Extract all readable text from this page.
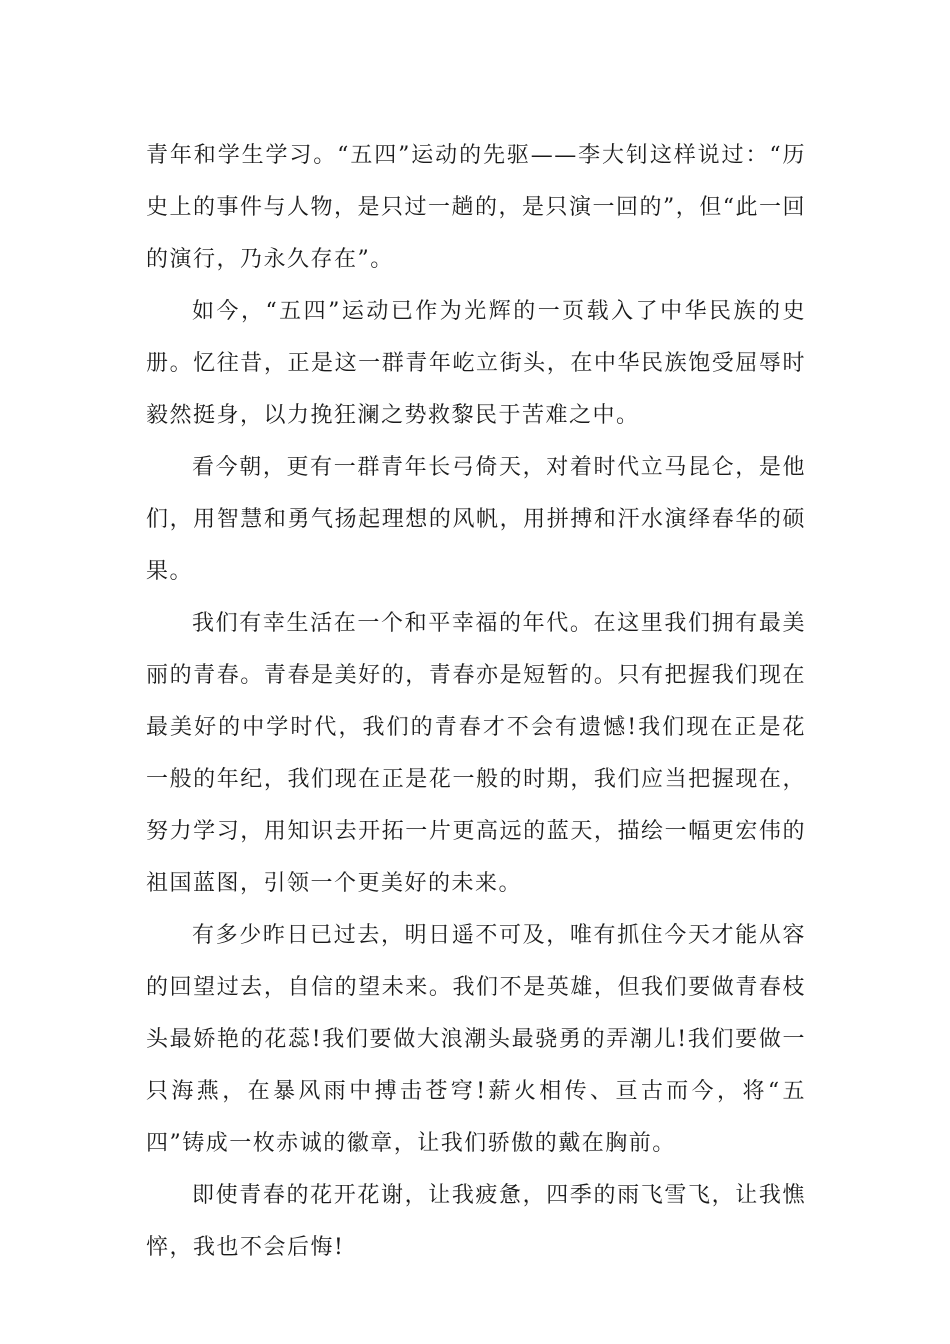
青年和学生学习。“五四”运动的先驱——李大钊这样说过：“历史上的事件与人物，是只过一趟的，是只演一回的”，但“此一回的演行，乃永久存在”。

如今，“五四”运动已作为光辉的一页载入了中华民族的史册。忆往昔，正是这一群青年屹立街头，在中华民族饱受屈辱时毅然挺身，以力挽狂澜之势救黎民于苦难之中。

看今朝，更有一群青年长弓倚天，对着时代立马昆仑，是他们，用智慧和勇气扬起理想的风帆，用拼搏和汗水演绎春华的硕果。

我们有幸生活在一个和平幸福的年代。在这里我们拥有最美丽的青春。青春是美好的，青春亦是短暂的。只有把握我们现在最美好的中学时代，我们的青春才不会有遗憾!我们现在正是花一般的年纪，我们现在正是花一般的时期，我们应当把握现在，努力学习，用知识去开拓一片更高远的蓝天，描绘一幅更宏伟的祖国蓝图，引领一个更美好的未来。

有多少昨日已过去，明日遥不可及，唯有抓住今天才能从容的回望过去，自信的望未来。我们不是英雄，但我们要做青春枝头最娇艳的花蕊!我们要做大浪潮头最骁勇的弄潮儿!我们要做一只海燕，在暴风雨中搏击苍穹!薪火相传、亘古而今，将“五四”铸成一枚赤诚的徽章，让我们骄傲的戴在胸前。

即使青春的花开花谢，让我疲惫，四季的雨飞雪飞，让我憔悴，我也不会后悔!
